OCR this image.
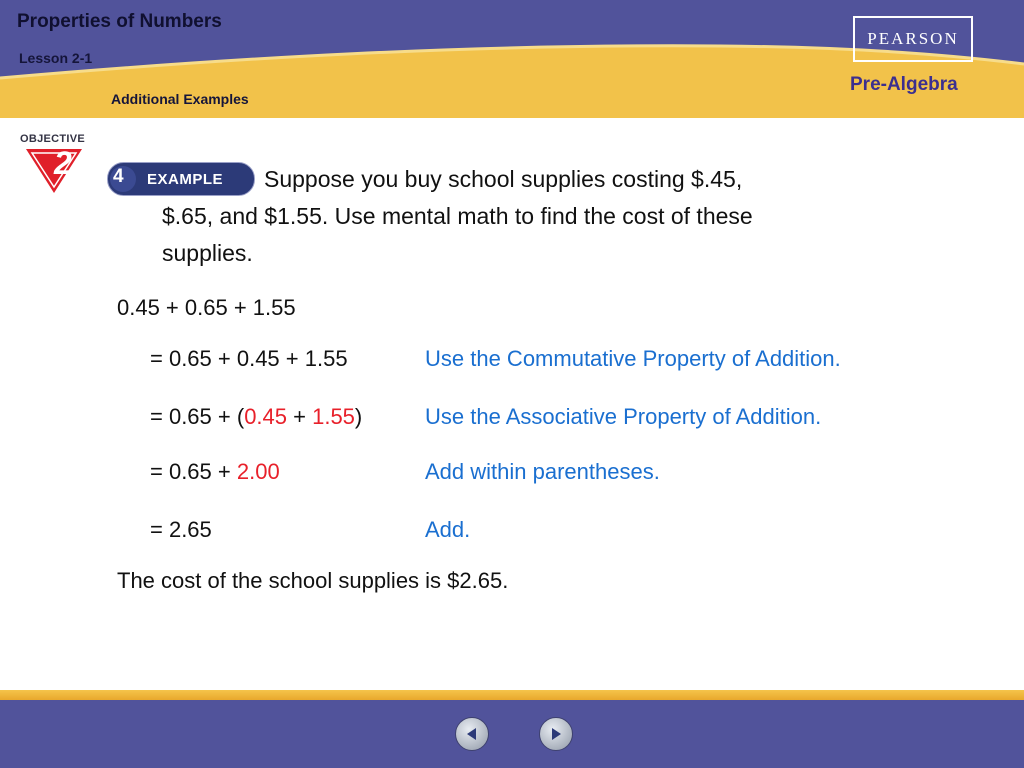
Properties of Numbers
Lesson 2-1
Additional Examples
PEARSON
Pre-Algebra
OBJECTIVE
2 4 EXAMPLE Suppose you buy school supplies costing $.45,
$.65, and $1.55. Use mental math to find the cost of these
supplies.
0.45 + 0.65 + 1.55
= 0.65 + 0.45 + 1.55	Use the Commutative Property of Addition.
= 0.65 + (0.45 + 1.55)	Use the Associative Property of Addition.
= 0.65 + 2.00	Add within parentheses.
= 2.65	Add.
The cost of the school supplies is $2.65.
